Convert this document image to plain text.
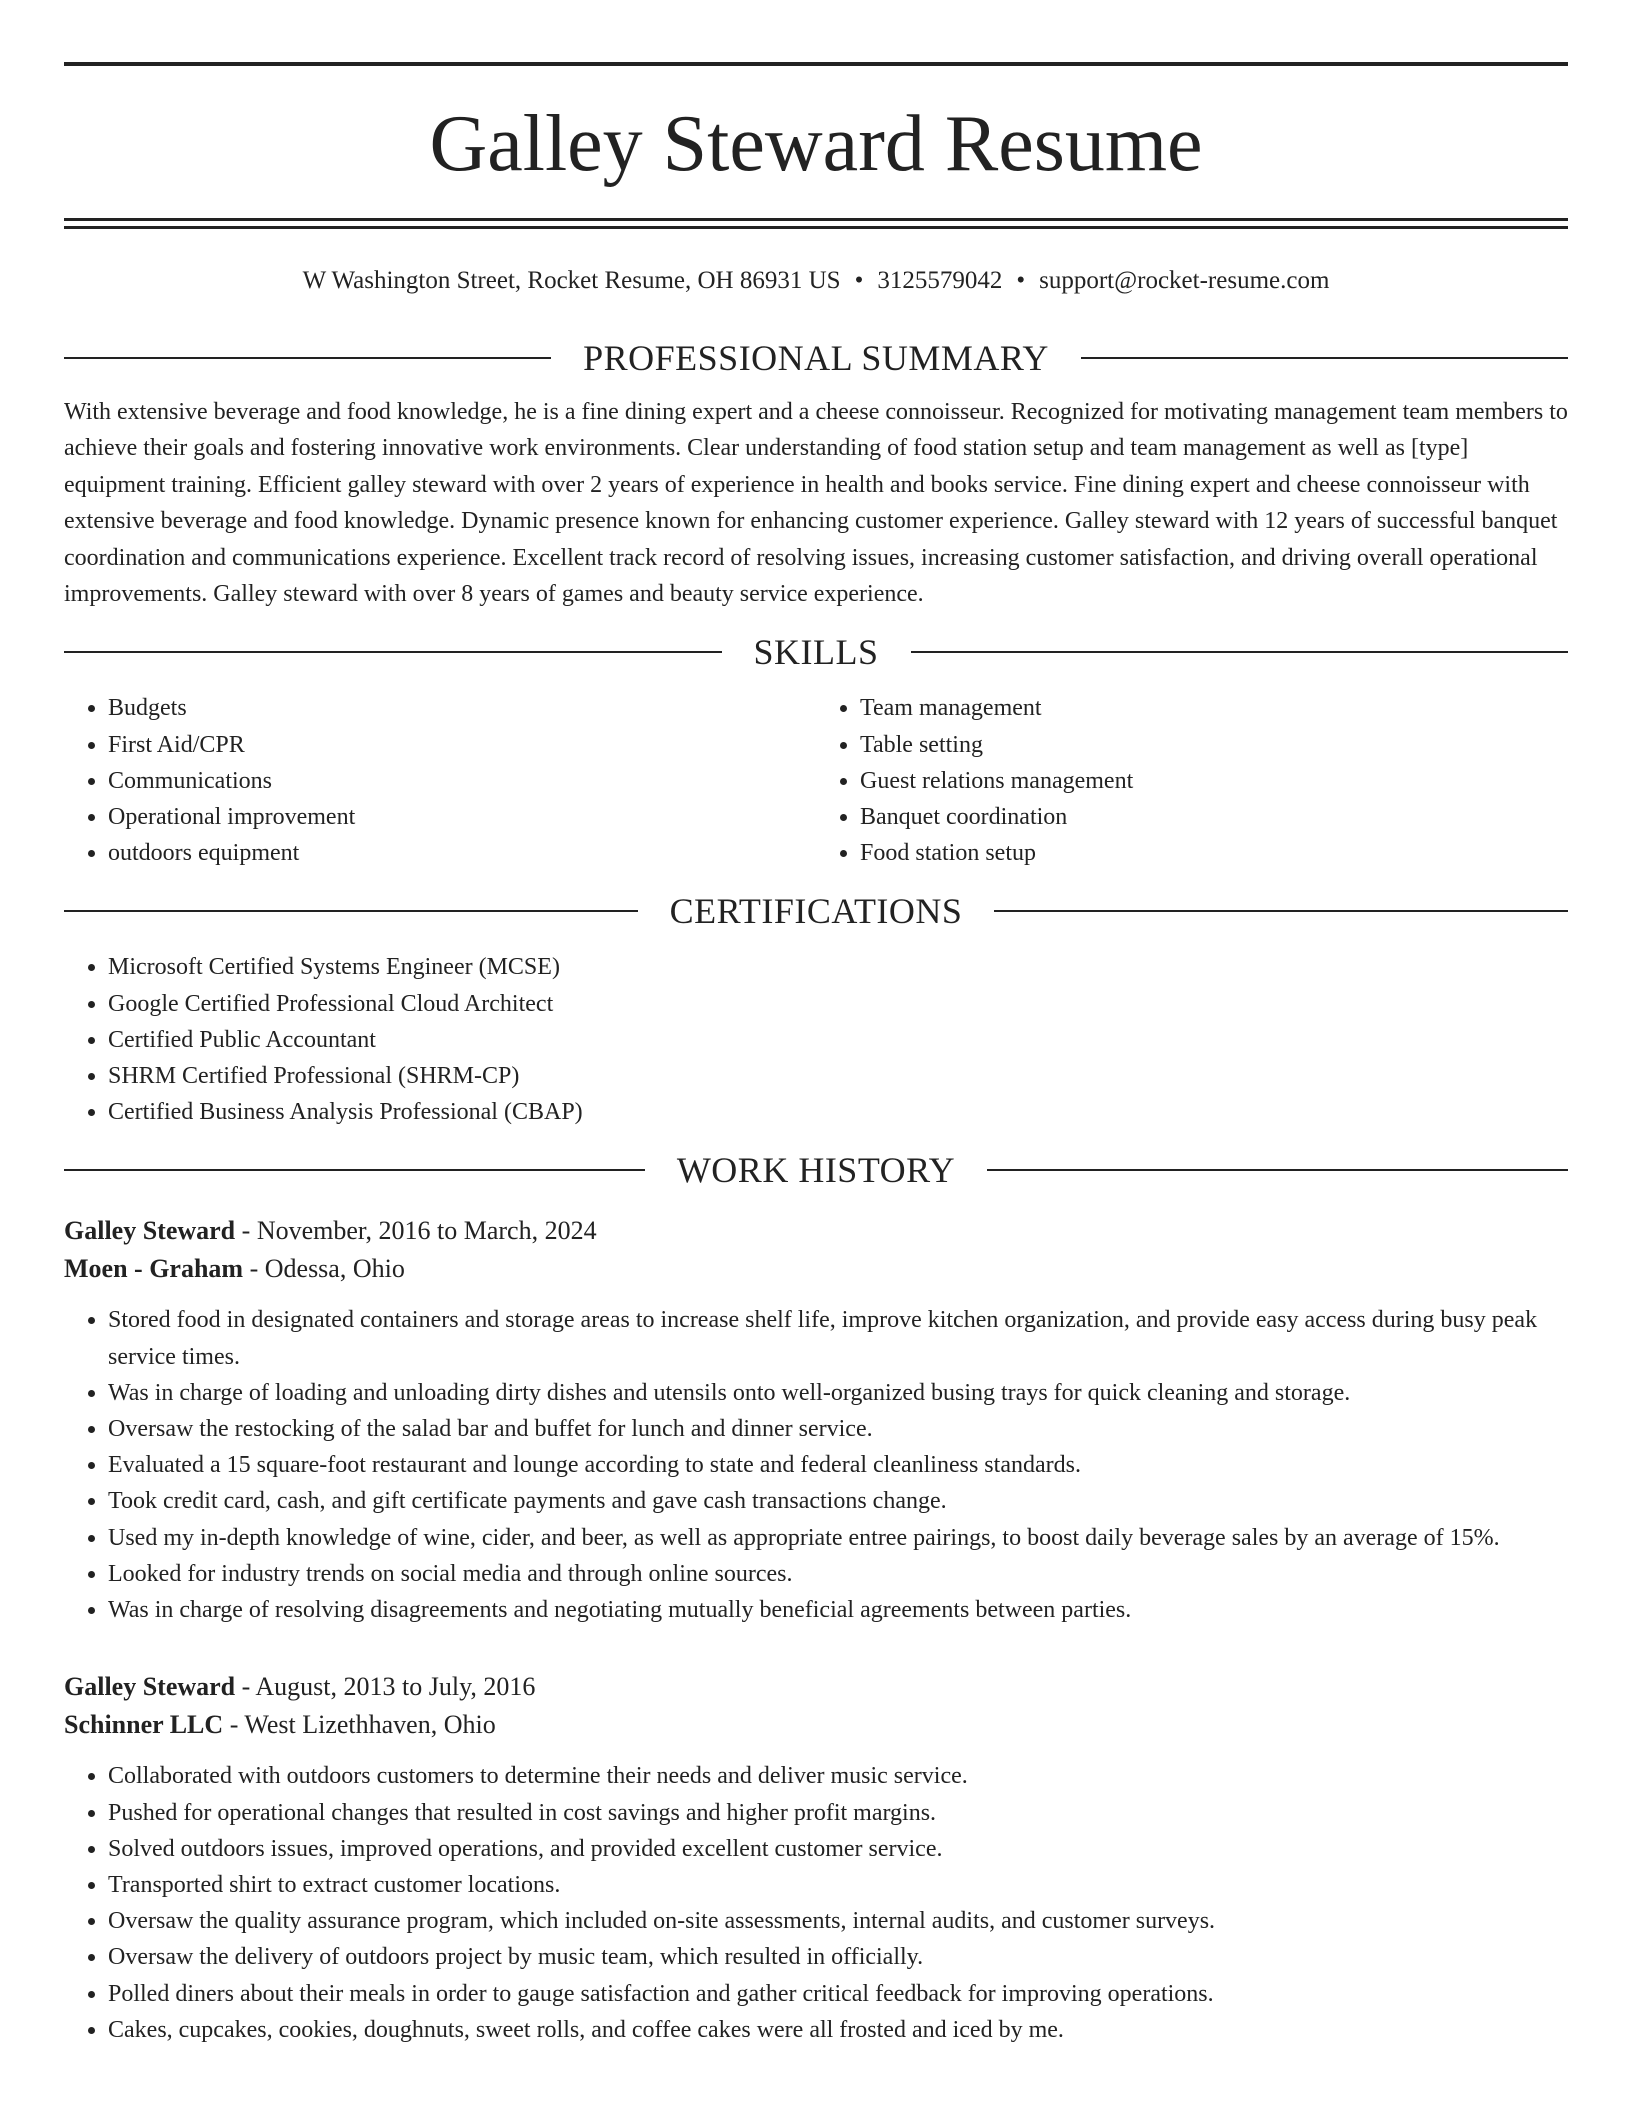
Galley Steward Resume
W Washington Street, Rocket Resume, OH 86931 US • 3125579042 • support@rocket-resume.com
PROFESSIONAL SUMMARY

With extensive beverage and food knowledge, he is a fine dining expert and a cheese connoisseur. Recognized for motivating management team members to achieve their goals and fostering innovative work environments. Clear understanding of food station setup and team management as well as [type] equipment training. Efficient galley steward with over 2 years of experience in health and books service. Fine dining expert and cheese connoisseur with extensive beverage and food knowledge. Dynamic presence known for enhancing customer experience. Galley steward with 12 years of successful banquet coordination and communications experience. Excellent track record of resolving issues, increasing customer satisfaction, and driving overall operational improvements. Galley steward with over 8 years of games and beauty service experience.

SKILLS
• Budgets
• First Aid/CPR
• Communications
• Operational improvement
• outdoors equipment
• Team management
• Table setting
• Guest relations management
• Banquet coordination
• Food station setup
CERTIFICATIONS
• Microsoft Certified Systems Engineer (MCSE)
• Google Certified Professional Cloud Architect
• Certified Public Accountant
• SHRM Certified Professional (SHRM-CP)
• Certified Business Analysis Professional (CBAP)
WORK HISTORY
Galley Steward - November, 2016 to March, 2024
Moen - Graham - Odessa, Ohio
• Stored food in designated containers and storage areas to increase shelf life, improve kitchen organization, and provide easy access during busy peak service times.
• Was in charge of loading and unloading dirty dishes and utensils onto well-organized busing trays for quick cleaning and storage.
• Oversaw the restocking of the salad bar and buffet for lunch and dinner service.
• Evaluated a 15 square-foot restaurant and lounge according to state and federal cleanliness standards.
• Took credit card, cash, and gift certificate payments and gave cash transactions change.
• Used my in-depth knowledge of wine, cider, and beer, as well as appropriate entree pairings, to boost daily beverage sales by an average of 15%.
• Looked for industry trends on social media and through online sources.
• Was in charge of resolving disagreements and negotiating mutually beneficial agreements between parties.
Galley Steward - August, 2013 to July, 2016
Schinner LLC - West Lizethhaven, Ohio
• Collaborated with outdoors customers to determine their needs and deliver music service.
• Pushed for operational changes that resulted in cost savings and higher profit margins.
• Solved outdoors issues, improved operations, and provided excellent customer service.
• Transported shirt to extract customer locations.
• Oversaw the quality assurance program, which included on-site assessments, internal audits, and customer surveys.
• Oversaw the delivery of outdoors project by music team, which resulted in officially.
• Polled diners about their meals in order to gauge satisfaction and gather critical feedback for improving operations.
• Cakes, cupcakes, cookies, doughnuts, sweet rolls, and coffee cakes were all frosted and iced by me.
